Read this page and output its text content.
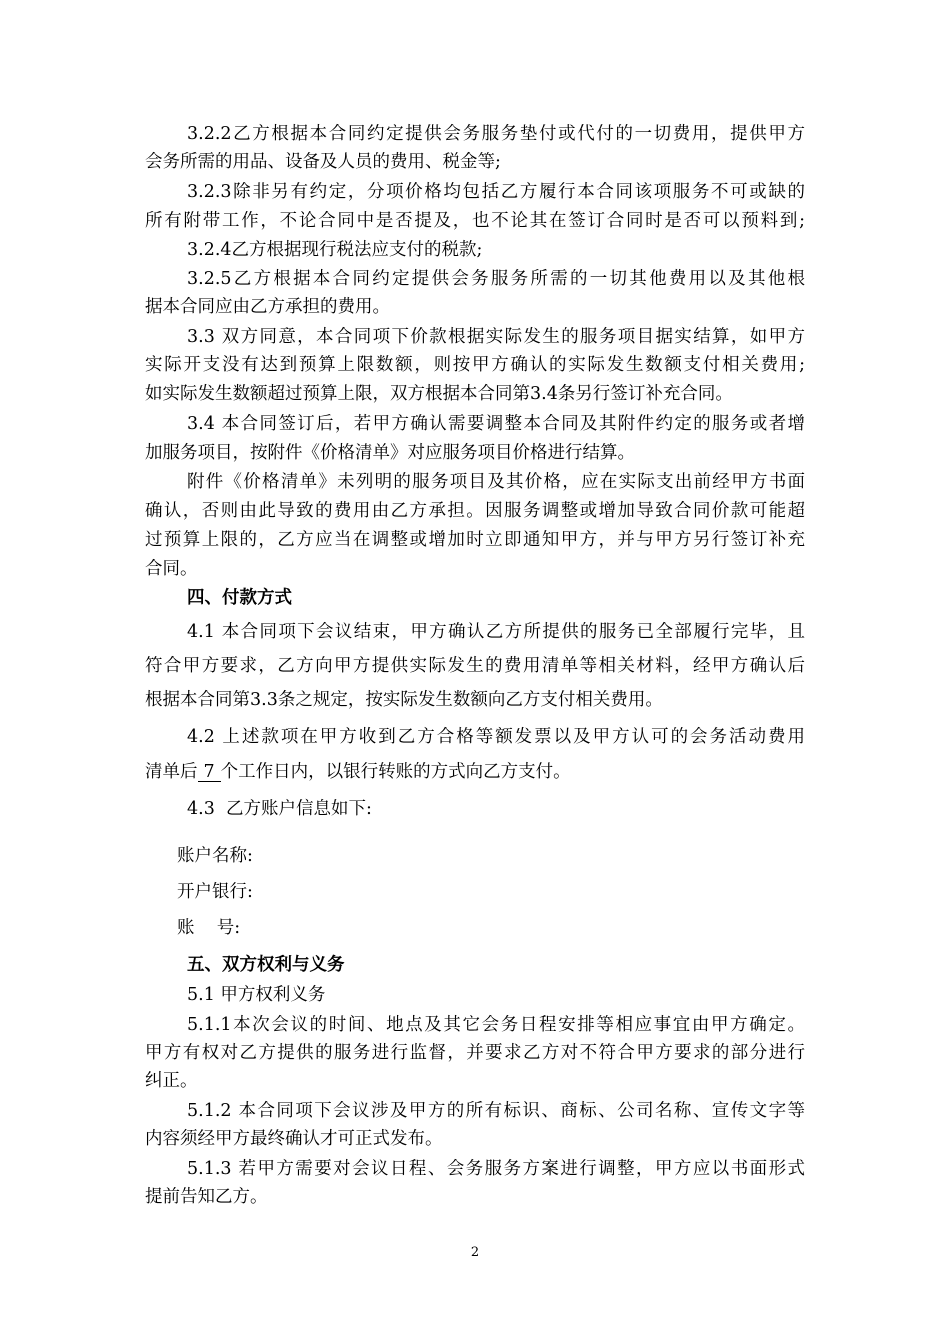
3.2.2乙方根据本合同约定提供会务服务垫付或代付的一切费用，提供甲方
会务所需的用品、设备及人员的费用、税金等;
3.2.3除非另有约定，分项价格均包括乙方履行本合同该项服务不可或缺的
所有附带工作，不论合同中是否提及，也不论其在签订合同时是否可以预料到;
3.2.4乙方根据现行税法应支付的税款;
3.2.5乙方根据本合同约定提供会务服务所需的一切其他费用以及其他根
据本合同应由乙方承担的费用。
3.3 双方同意，本合同项下价款根据实际发生的服务项目据实结算，如甲方
实际开支没有达到预算上限数额，则按甲方确认的实际发生数额支付相关费用;
如实际发生数额超过预算上限，双方根据本合同第3.4条另行签订补充合同。
3.4 本合同签订后，若甲方确认需要调整本合同及其附件约定的服务或者增
加服务项目，按附件《价格清单》对应服务项目价格进行结算。
附件《价格清单》未列明的服务项目及其价格，应在实际支出前经甲方书面
确认，否则由此导致的费用由乙方承担。因服务调整或增加导致合同价款可能超
过预算上限的，乙方应当在调整或增加时立即通知甲方，并与甲方另行签订补充
合同。
四、付款方式
4.1 本合同项下会议结束，甲方确认乙方所提供的服务已全部履行完毕，且
符合甲方要求，乙方向甲方提供实际发生的费用清单等相关材料，经甲方确认后
根据本合同第3.3条之规定，按实际发生数额向乙方支付相关费用。
4.2 上述款项在甲方收到乙方合格等额发票以及甲方认可的会务活动费用
清单后 7 个工作日内，以银行转账的方式向乙方支付。
4.3  乙方账户信息如下:
账户名称:
开户银行:
账    号:
五、双方权利与义务
5.1 甲方权利义务
5.1.1本次会议的时间、地点及其它会务日程安排等相应事宜由甲方确定。
甲方有权对乙方提供的服务进行监督，并要求乙方对不符合甲方要求的部分进行
纠正。
5.1.2 本合同项下会议涉及甲方的所有标识、商标、公司名称、宣传文字等
内容须经甲方最终确认才可正式发布。
5.1.3 若甲方需要对会议日程、会务服务方案进行调整，甲方应以书面形式
提前告知乙方。
2
